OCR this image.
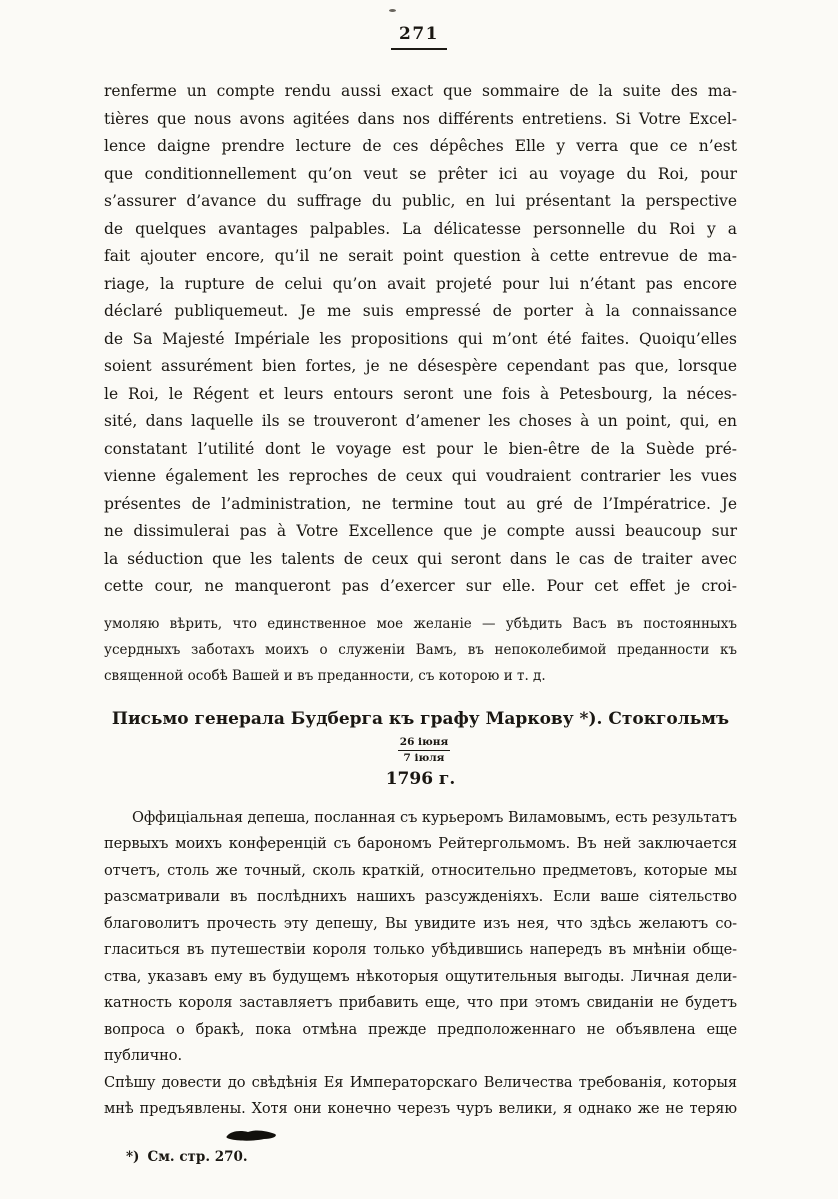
271
renferme un compte rendu aussi exact que sommaire de la suite des ma-
tières que nous avons agitées dans nos différents entretiens. Si Votre Excel-
lence daigne prendre lecture de ces dépêches Elle y verra que ce n’est
que conditionnellement qu’on veut se prêter ici au voyage du Roi, pour
s’assurer d’avance du suffrage du public, en lui présentant la perspective
de quelques avantages palpables. La délicatesse personnelle du Roi y a
fait ajouter encore, qu’il ne serait point question à cette entrevue de ma-
riage, la rupture de celui qu’on avait projeté pour lui n’étant pas encore
déclaré publiquemeut. Je me suis empressé de porter à la connaissance
de Sa Majesté Impériale les propositions qui m’ont été faites. Quoiqu’elles
soient assurément bien fortes, je ne désespère cependant pas que, lorsque
le Roi, le Régent et leurs entours seront une fois à Petesbourg, la néces-
sité, dans laquelle ils se trouveront d’amener les choses à un point, qui, en
constatant l’utilité dont le voyage est pour le bien-être de la Suède pré-
vienne également les reproches de ceux qui voudraient contrarier les vues
présentes de l’administration, ne termine tout au gré de l’Impératrice. Je
ne dissimulerai pas à Votre Excellence que je compte aussi beaucoup sur
la séduction que les talents de ceux qui seront dans le cas de traiter avec
cette cour, ne manqueront pas d’exercer sur elle. Pour cet effet je croi-
умоляю вѣрить, что единственное мое желаніе — убѣдить Васъ въ постоянныхъ
усердныхъ заботахъ моихъ о служеніи Вамъ, въ непоколебимой преданности къ
священной особѣ Вашей и въ преданности, съ которою и т. д.
Письмо генерала Будберга къ графу Маркову *). Стокгольмъ
$\frac{\text{26 іюня}}{\text{7 іюля}}$
1796 г.
Оффиціальная депеша, посланная съ курьеромъ Виламовымъ, есть результатъ
первыхъ моихъ конференцій съ барономъ Рейтергольмомъ. Въ ней заключается
отчетъ, столь же точный, сколь краткій, относительно предметовъ, которые мы
разсматривали въ послѣднихъ нашихъ разсужденіяхъ. Если ваше сіятельство
благоволитъ прочесть эту депешу, Вы увидите изъ нея, что здѣсь желаютъ со-
гласиться въ путешествіи короля только убѣдившись напередъ въ мнѣніи обще-
ства, указавъ ему въ будущемъ нѣкоторыя ощутительныя выгоды. Личная дели-
катность короля заставляетъ прибавить еще, что при этомъ свиданіи не будетъ
вопроса о бракѣ, пока отмѣна прежде предположеннаго не объявлена еще публично.
Спѣшу довести до свѣдѣнія Ея Императорскаго Величества требованія, которыя
мнѣ предъявлены. Хотя они конечно черезъ чуръ велики, я однако же не теряю
*) См. стр. 270.
